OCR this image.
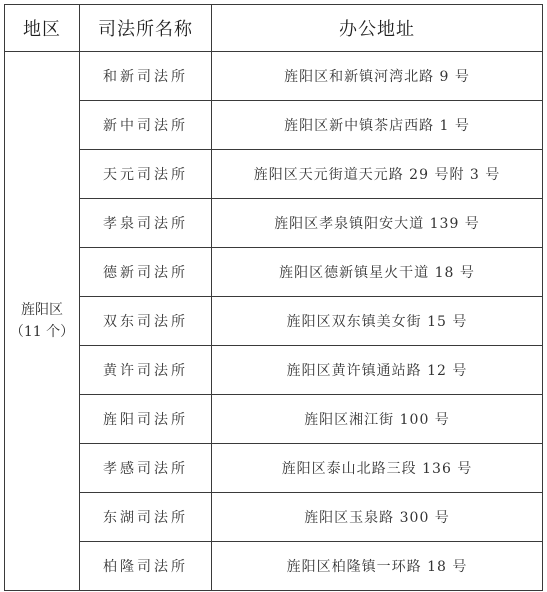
地区	司法所名称	办公地址
旌阳区
（11 个）	和新司法所	旌阳区和新镇河湾北路 9 号
	新中司法所	旌阳区新中镇茶店西路 1 号
	天元司法所	旌阳区天元街道天元路 29 号附 3 号
	孝泉司法所	旌阳区孝泉镇阳安大道 139 号
	德新司法所	旌阳区德新镇星火干道 18 号
	双东司法所	旌阳区双东镇美女街 15 号
	黄许司法所	旌阳区黄许镇通站路 12 号
	旌阳司法所	旌阳区湘江街 100 号
	孝感司法所	旌阳区泰山北路三段 136 号
	东湖司法所	旌阳区玉泉路 300 号
	柏隆司法所	旌阳区柏隆镇一环路 18 号
